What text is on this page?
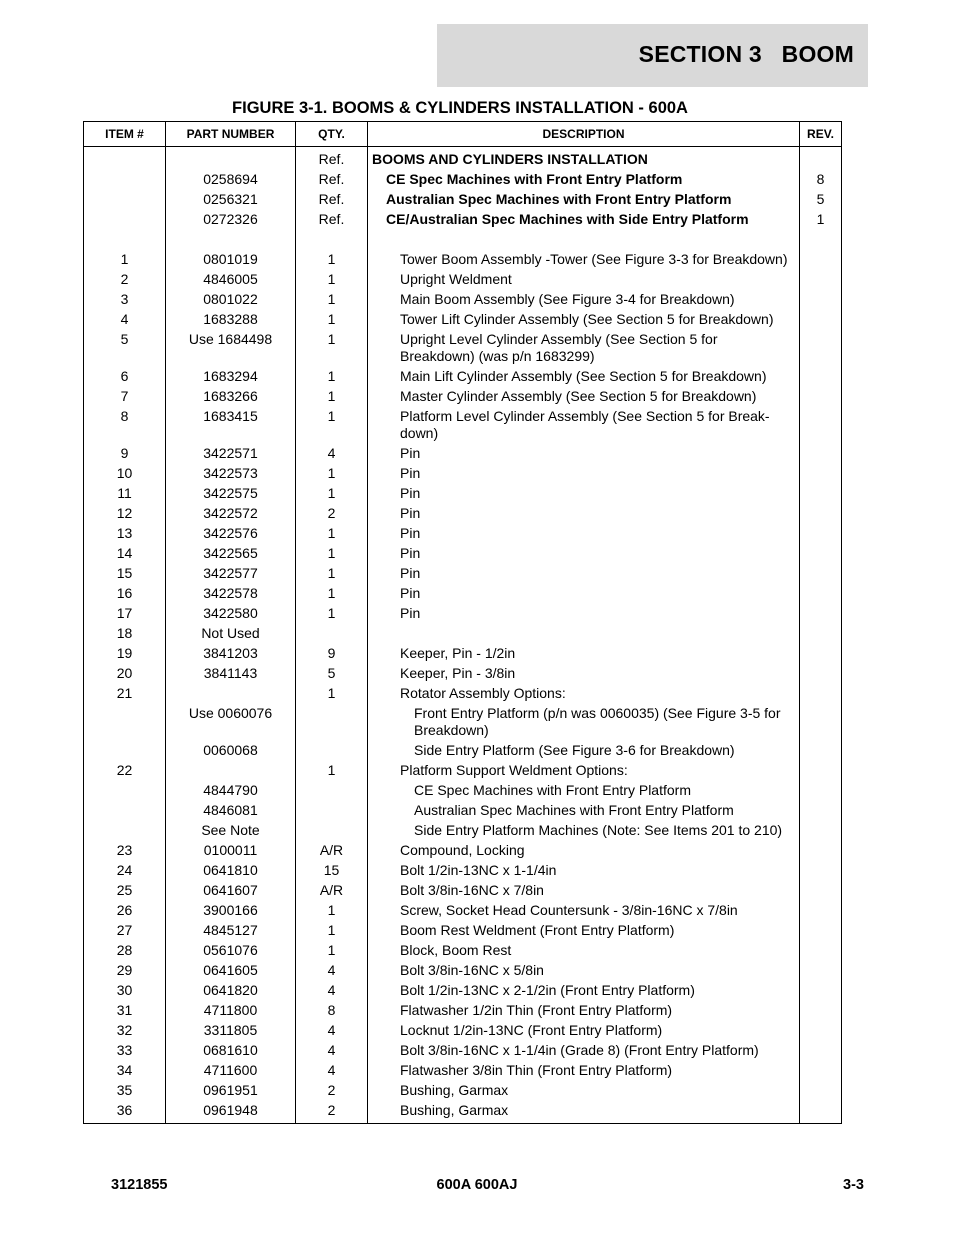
SECTION 3   BOOM
FIGURE 3-1. BOOMS & CYLINDERS INSTALLATION - 600A
ITEM #	PART NUMBER	QTY.	DESCRIPTION	REV.
		Ref.	BOOMS AND CYLINDERS INSTALLATION	
	0258694	Ref.	CE Spec Machines with Front Entry Platform	8
	0256321	Ref.	Australian Spec Machines with Front Entry Platform	5
	0272326	Ref.	CE/Australian Spec Machines with Side Entry Platform	1

1	0801019	1	Tower Boom Assembly -Tower (See Figure 3-3 for Breakdown)	
2	4846005	1	Upright Weldment	
3	0801022	1	Main Boom Assembly (See Figure 3-4 for Breakdown)	
4	1683288	1	Tower Lift Cylinder Assembly (See Section 5 for Breakdown)	
5	Use 1684498	1	Upright Level Cylinder Assembly (See Section 5 for Breakdown) (was p/n 1683299)	
6	1683294	1	Main Lift Cylinder Assembly (See Section 5 for Breakdown)	
7	1683266	1	Master Cylinder Assembly (See Section 5 for Breakdown)	
8	1683415	1	Platform Level Cylinder Assembly (See Section 5 for Break-down)	
9	3422571	4	Pin	
10	3422573	1	Pin	
11	3422575	1	Pin	
12	3422572	2	Pin	
13	3422576	1	Pin	
14	3422565	1	Pin	
15	3422577	1	Pin	
16	3422578	1	Pin	
17	3422580	1	Pin	
18	Not Used			
19	3841203	9	Keeper, Pin - 1/2in	
20	3841143	5	Keeper, Pin - 3/8in	
21		1	Rotator Assembly Options:	
	Use 0060076		Front Entry Platform (p/n was 0060035) (See Figure 3-5 for Breakdown)	
	0060068		Side Entry Platform (See Figure 3-6 for Breakdown)	
22		1	Platform Support Weldment Options:	
	4844790		CE Spec Machines with Front Entry Platform	
	4846081		Australian Spec Machines with Front Entry Platform	
	See Note		Side Entry Platform Machines (Note: See Items 201 to 210)	
23	0100011	A/R	Compound, Locking	
24	0641810	15	Bolt 1/2in-13NC x 1-1/4in	
25	0641607	A/R	Bolt 3/8in-16NC x 7/8in	
26	3900166	1	Screw, Socket Head Countersunk - 3/8in-16NC x 7/8in	
27	4845127	1	Boom Rest Weldment (Front Entry Platform)	
28	0561076	1	Block, Boom Rest	
29	0641605	4	Bolt 3/8in-16NC x 5/8in	
30	0641820	4	Bolt 1/2in-13NC x 2-1/2in (Front Entry Platform)	
31	4711800	8	Flatwasher 1/2in Thin (Front Entry Platform)	
32	3311805	4	Locknut 1/2in-13NC (Front Entry Platform)	
33	0681610	4	Bolt 3/8in-16NC x 1-1/4in (Grade 8) (Front Entry Platform)	
34	4711600	4	Flatwasher 3/8in Thin (Front Entry Platform)	
35	0961951	2	Bushing, Garmax	
36	0961948	2	Bushing, Garmax	
3121855	600A 600AJ	3-3
